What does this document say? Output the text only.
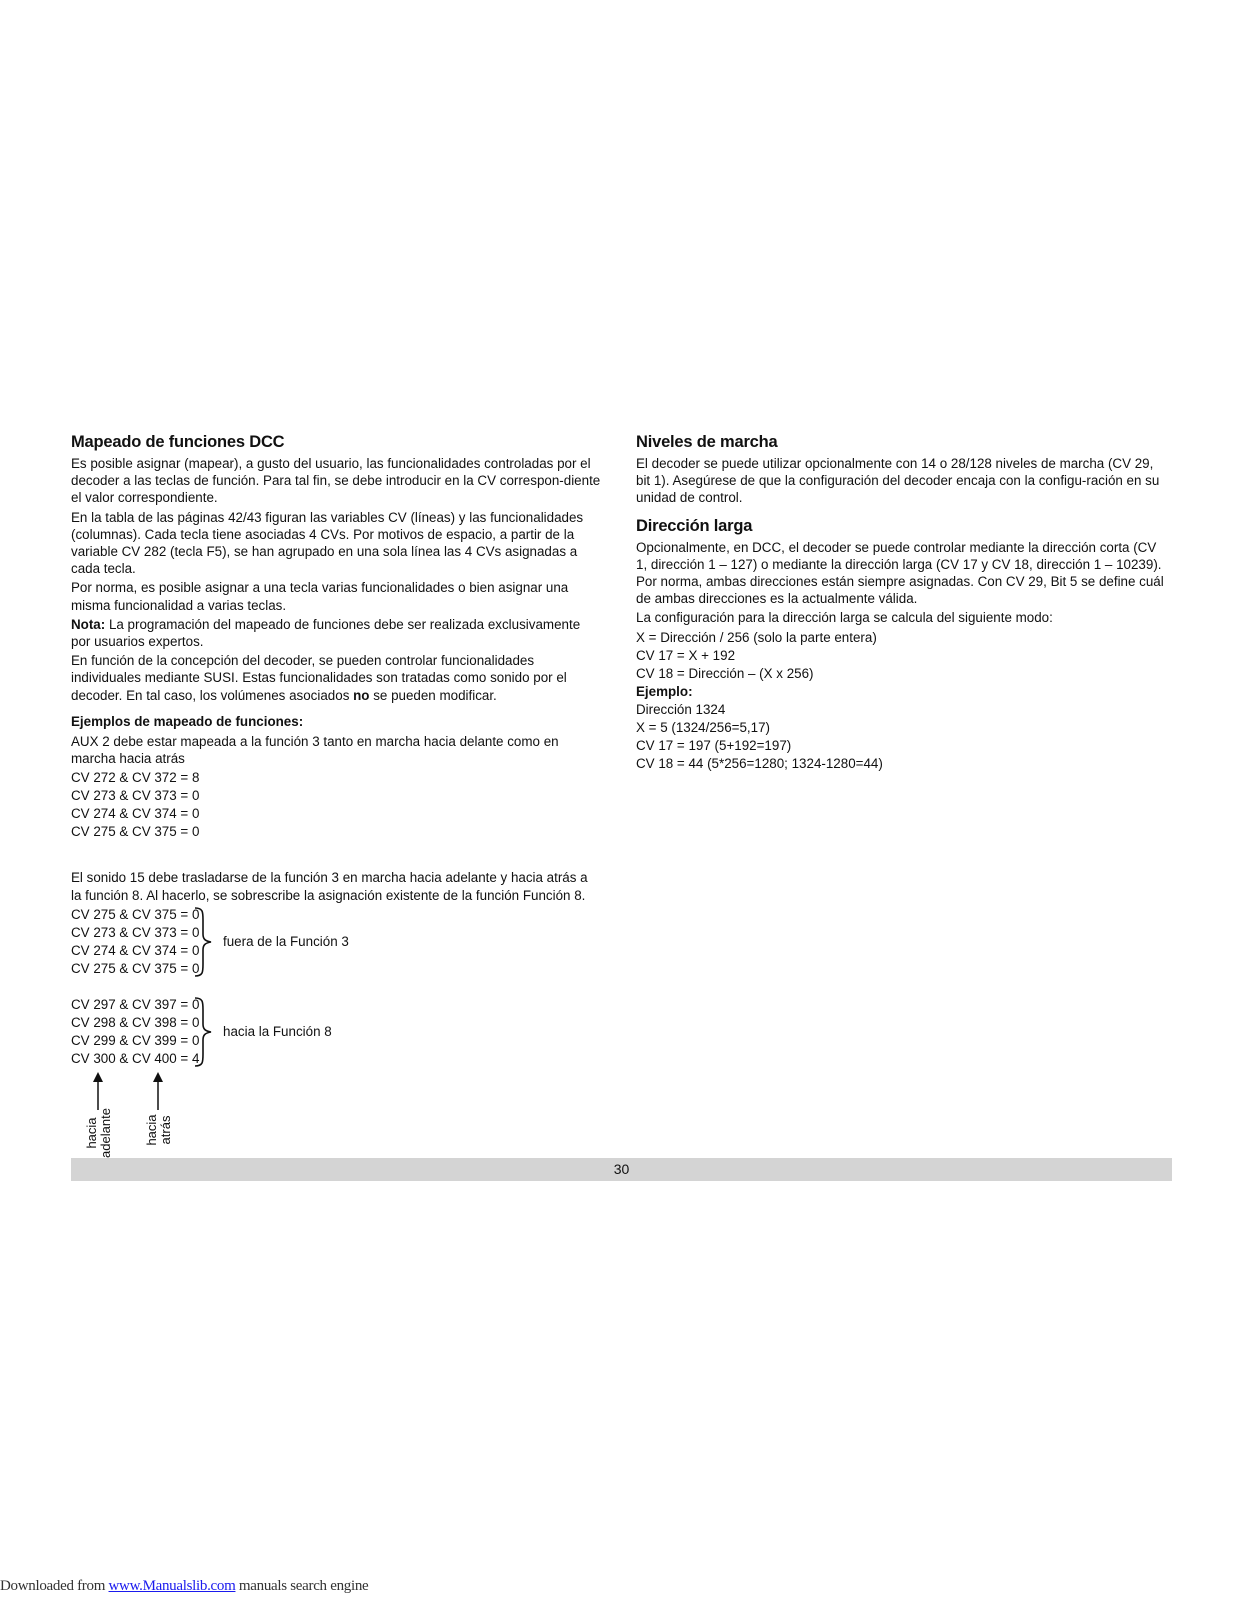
Mapeado de funciones DCC

Es posible asignar (mapear), a gusto del usuario, las funcionalidades controladas por el decoder a las teclas de función. Para tal fin, se debe introducir en la CV correspon-diente el valor correspondiente.

En la tabla de las páginas 42/43 figuran las variables CV (líneas) y las funcionalidades (columnas). Cada tecla tiene asociadas 4 CVs. Por motivos de espacio, a partir de la variable CV 282 (tecla F5), se han agrupado en una sola línea las 4 CVs asignadas a cada tecla.

Por norma, es posible asignar a una tecla varias funcionalidades o bien asignar una misma funcionalidad a varias teclas.

Nota: La programación del mapeado de funciones debe ser realizada exclusivamente por usuarios expertos.

En función de la concepción del decoder, se pueden controlar funcionalidades individuales mediante SUSI. Estas funcionalidades son tratadas como sonido por el decoder. En tal caso, los volúmenes asociados no se pueden modificar.

Ejemplos de mapeado de funciones:

AUX 2 debe estar mapeada a la función 3 tanto en marcha hacia delante como en marcha hacia atrás

CV 272 & CV 372 = 8
CV 273 & CV 373 = 0
CV 274 & CV 374 = 0
CV 275 & CV 375 = 0

El sonido 15 debe trasladarse de la función 3 en marcha hacia adelante y hacia atrás a la función 8. Al hacerlo, se sobrescribe la asignación existente de la función Función 8.

CV 275 & CV 375 = 0
CV 273 & CV 373 = 0
CV 274 & CV 374 = 0
CV 275 & CV 375 = 0
fuera de la Función 3
CV 297 & CV 397 = 0
CV 298 & CV 398 = 0
CV 299 & CV 399 = 0
CV 300 & CV 400 = 4
hacia la Función 8
hacia adelante hacia atrás
Niveles de marcha

El decoder se puede utilizar opcionalmente con 14 o 28/128 niveles de marcha (CV 29, bit 1). Asegúrese de que la configuración del decoder encaja con la configu-ración en su unidad de control.

Dirección larga

Opcionalmente, en DCC, el decoder se puede controlar mediante la dirección corta (CV 1, dirección 1 – 127) o mediante la dirección larga (CV 17 y CV 18, dirección 1 – 10239). Por norma, ambas direcciones están siempre asignadas. Con CV 29, Bit 5 se define cuál de ambas direcciones es la actualmente válida.

La configuración para la dirección larga se calcula del siguiente modo:

X = Dirección / 256 (solo la parte entera)
CV 17 = X + 192
CV 18 = Dirección – (X x 256)
Ejemplo:
Dirección 1324
X = 5 (1324/256=5,17)
CV 17 = 197 (5+192=197)
CV 18 = 44 (5*256=1280; 1324-1280=44)
30
Downloaded from www.Manualslib.com manuals search engine
